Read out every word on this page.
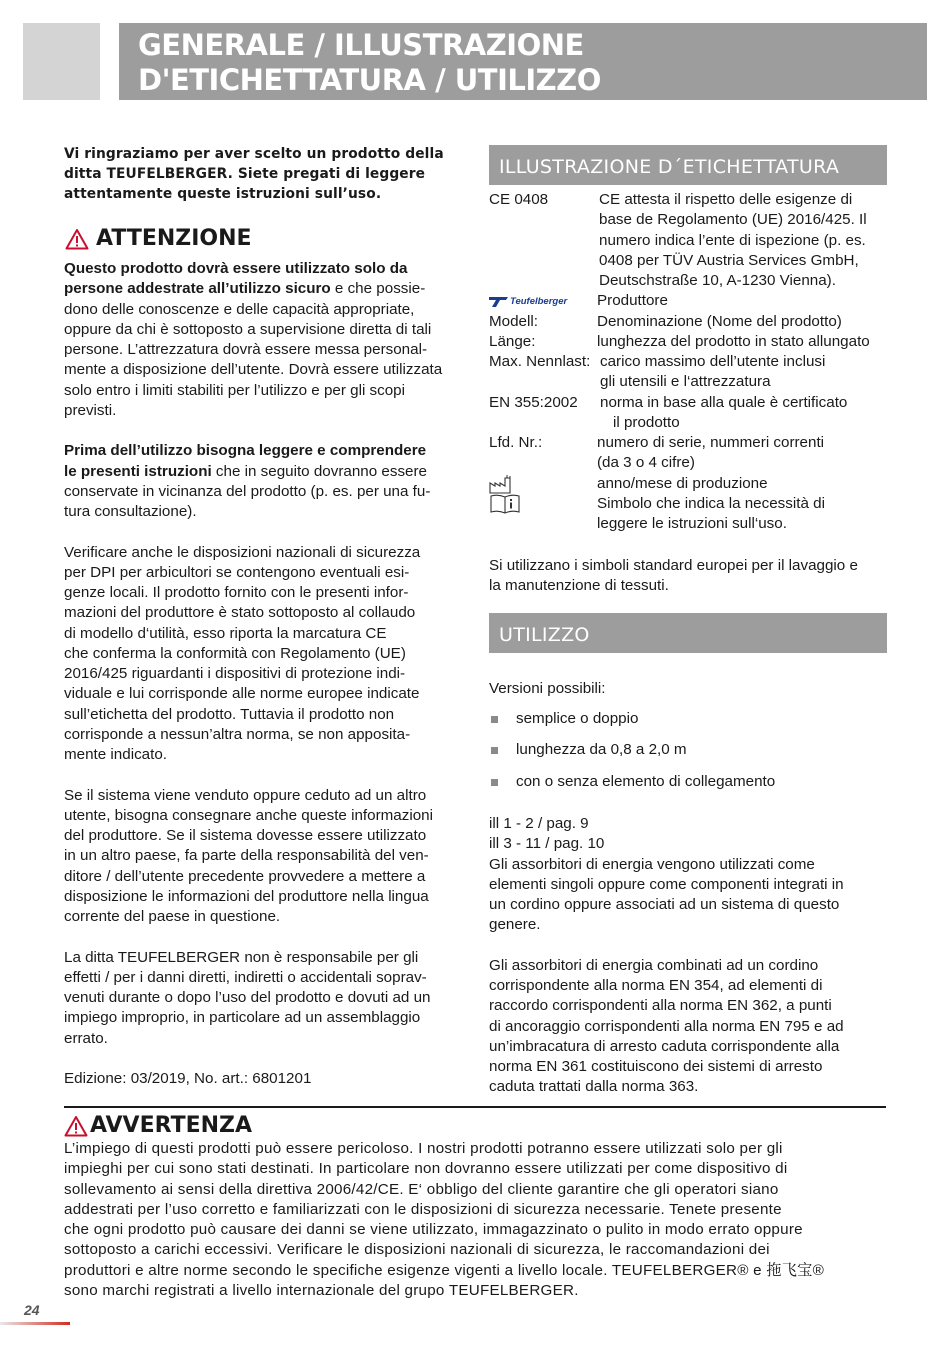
GENERALE / ILLUSTRAZIONE
D'ETICHETTATURA / UTILIZZO
Vi ringraziamo per aver scelto un prodotto della
ditta TEUFELBERGER. Siete pregati di leggere
attentamente queste istruzioni sull’uso.
ATTENZIONE
Questo prodotto dovrà essere utilizzato solo da
persone addestrate all’utilizzo sicuro e che possie-
dono delle conoscenze e delle capacità appropriate,
oppure da chi è sottoposto a supervisione diretta di tali
persone. L’attrezzatura dovrà essere messa personal-
mente a disposizione dell’utente. Dovrà essere utilizzata
solo entro i limiti stabiliti per l’utilizzo e per gli scopi
previsti.
Prima dell’utilizzo bisogna leggere e comprendere
le presenti istruzioni che in seguito dovranno essere
conservate in vicinanza del prodotto (p. es. per una fu-
tura consultazione).
Verificare anche le disposizioni nazionali di sicurezza
per DPI per arbicultori se contengono eventuali esi-
genze locali. Il prodotto fornito con le presenti infor-
mazioni del produttore è stato sottoposto al collaudo
di modello d‘utilità, esso riporta la marcatura CE
che conferma la conformità con Regolamento (UE)
2016/425 riguardanti i dispositivi di protezione indi-
viduale e lui corrisponde alle norme europee indicate
sull’etichetta del prodotto. Tuttavia il prodotto non
corrisponde a nessun’altra norma, se non apposita-
mente indicato.
Se il sistema viene venduto oppure ceduto ad un altro
utente, bisogna consegnare anche queste informazioni
del produttore. Se il sistema dovesse essere utilizzato
in un altro paese, fa parte della responsabilità del ven-
ditore / dell’utente precedente provvedere a mettere a
disposizione le informazioni del produttore nella lingua
corrente del paese in questione.
La ditta TEUFELBERGER non è responsabile per gli
effetti / per i danni diretti, indiretti o accidentali soprav-
venuti durante o dopo l’uso del prodotto e dovuti ad un
impiego improprio, in particolare ad un assemblaggio
errato.
Edizione: 03/2019, No. art.: 6801201
ILLUSTRAZIONE D´ETICHETTATURA
CE 0408	CE attesta il rispetto delle esigenze di
base de Regolamento (UE) 2016/425. Il
numero indica l’ente di ispezione (p. es.
0408 per TÜV Austria Services GmbH,
Deutschstraße 10, A-1230 Vienna).
Teufelberger Produttore
Modell:	Denominazione (Nome del prodotto)
Länge:	lunghezza del prodotto in stato allungato
Max. Nennlast: carico massimo dell’utente inclusi
gli utensili e l‘attrezzatura
EN 355:2002 norma in base alla quale è certificato
il prodotto
Lfd. Nr.:	numero di serie, nummeri correnti
(da 3 o 4 cifre)
anno/mese di produzione
Simbolo che indica la necessità di
leggere le istruzioni sull‘uso.
Si utilizzano i simboli standard europei per il lavaggio e
la manutenzione di tessuti.
UTILIZZO
Versioni possibili:
semplice o doppio
lunghezza da 0,8 a 2,0 m
con o senza elemento di collegamento
ill 1 - 2 / pag. 9
ill 3 - 11 / pag. 10
Gli assorbitori di energia vengono utilizzati come
elementi singoli oppure come componenti integrati in
un cordino oppure associati ad un sistema di questo
genere.
Gli assorbitori di energia combinati ad un cordino
corrispondente alla norma EN 354, ad elementi di
raccordo corrispondenti alla norma EN 362, a punti
di ancoraggio corrispondenti alla norma EN 795 e ad
un’imbracatura di arresto caduta corrispondente alla
norma EN 361 costituiscono dei sistemi di arresto
caduta trattati dalla norma 363.
AVVERTENZA
L’impiego di questi prodotti può essere pericoloso. I nostri prodotti potranno essere utilizzati solo per gli
impieghi per cui sono stati destinati. In particolare non dovranno essere utilizzati per come dispositivo di
sollevamento ai sensi della direttiva 2006/42/CE. E‘ obbligo del cliente garantire che gli operatori siano
addestrati per l’uso corretto e familiarizzati con le disposizioni di sicurezza necessarie. Tenete presente
che ogni prodotto può causare dei danni se viene utilizzato, immagazzinato o pulito in modo errato oppure
sottoposto a carichi eccessivi. Verificare le disposizioni nazionali di sicurezza, le raccomandazioni dei
produttori e altre norme secondo le specifiche esigenze vigenti a livello locale. TEUFELBERGER® e 拖飞宝®
sono marchi registrati a livello internazionale del grupo TEUFELBERGER.
24
